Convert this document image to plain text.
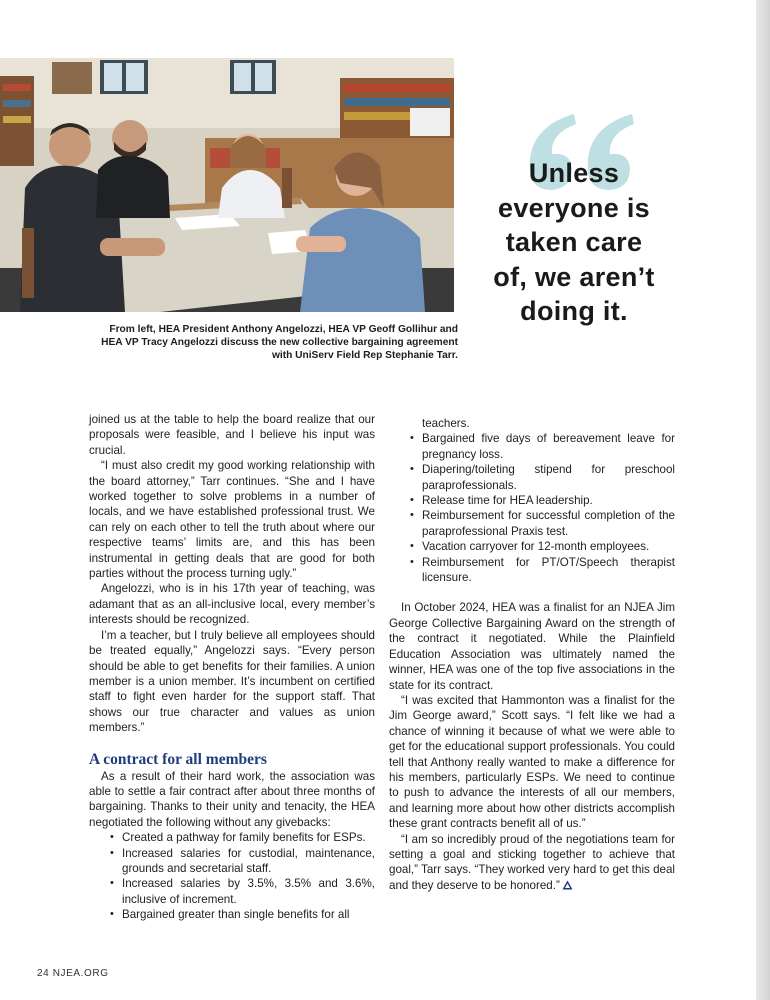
From left, HEA President Anthony Angelozzi, HEA VP Geoff Gollihur and HEA VP Tracy Angelozzi discuss the new collective bargaining agreement with UniServ Field Rep Stephanie Tarr.
Unless
everyone is
taken care
of, we aren’t
doing it.

joined us at the table to help the board realize that our proposals were feasible, and I believe his input was crucial.

“I must also credit my good working relationship with the board attorney,” Tarr continues. “She and I have worked together to solve problems in a number of locals, and we have established professional trust. We can rely on each other to tell the truth about where our respective teams’ limits are, and this has been instrumental in getting deals that are good for both parties without the process turning ugly.”

Angelozzi, who is in his 17th year of teaching, was adamant that as an all-inclusive local, every member’s interests should be recognized.

I’m a teacher, but I truly believe all employees should be treated equally,” Angelozzi says. “Every person should be able to get benefits for their families. A union member is a union member. It’s incumbent on certified staff to fight even harder for the support staff. That shows our true character and values as union members.”

A contract for all members

As a result of their hard work, the association was able to settle a fair contract after about three months of bargaining. Thanks to their unity and tenacity, the HEA negotiated the following without any givebacks:

• Created a pathway for family benefits for ESPs.
• Increased salaries for custodial, maintenance, grounds and secretarial staff.
• Increased salaries by 3.5%, 3.5% and 3.6%, inclusive of increment.
• Bargained greater than single benefits for all
teachers.
• Bargained five days of bereavement leave for pregnancy loss.
• Diapering/toileting stipend for preschool paraprofessionals.
• Release time for HEA leadership.
• Reimbursement for successful completion of the paraprofessional Praxis test.
• Vacation carryover for 12-month employees.
• Reimbursement for PT/OT/Speech therapist licensure.

In October 2024, HEA was a finalist for an NJEA Jim George Collective Bargaining Award on the strength of the contract it negotiated. While the Plainfield Education Association was ultimately named the winner, HEA was one of the top five associations in the state for its contract.

“I was excited that Hammonton was a finalist for the Jim George award,” Scott says. “I felt like we had a chance of winning it because of what we were able to get for the educational support professionals. You could tell that Anthony really wanted to make a difference for his members, particularly ESPs. We need to continue to push to advance the interests of all our members, and learning more about how other districts accomplish these grant contracts benefit all of us.”

“I am so incredibly proud of the negotiations team for setting a goal and sticking together to achieve that goal,” Tarr says. “They worked very hard to get this deal and they deserve to be honored.”

24 NJEA.ORG
